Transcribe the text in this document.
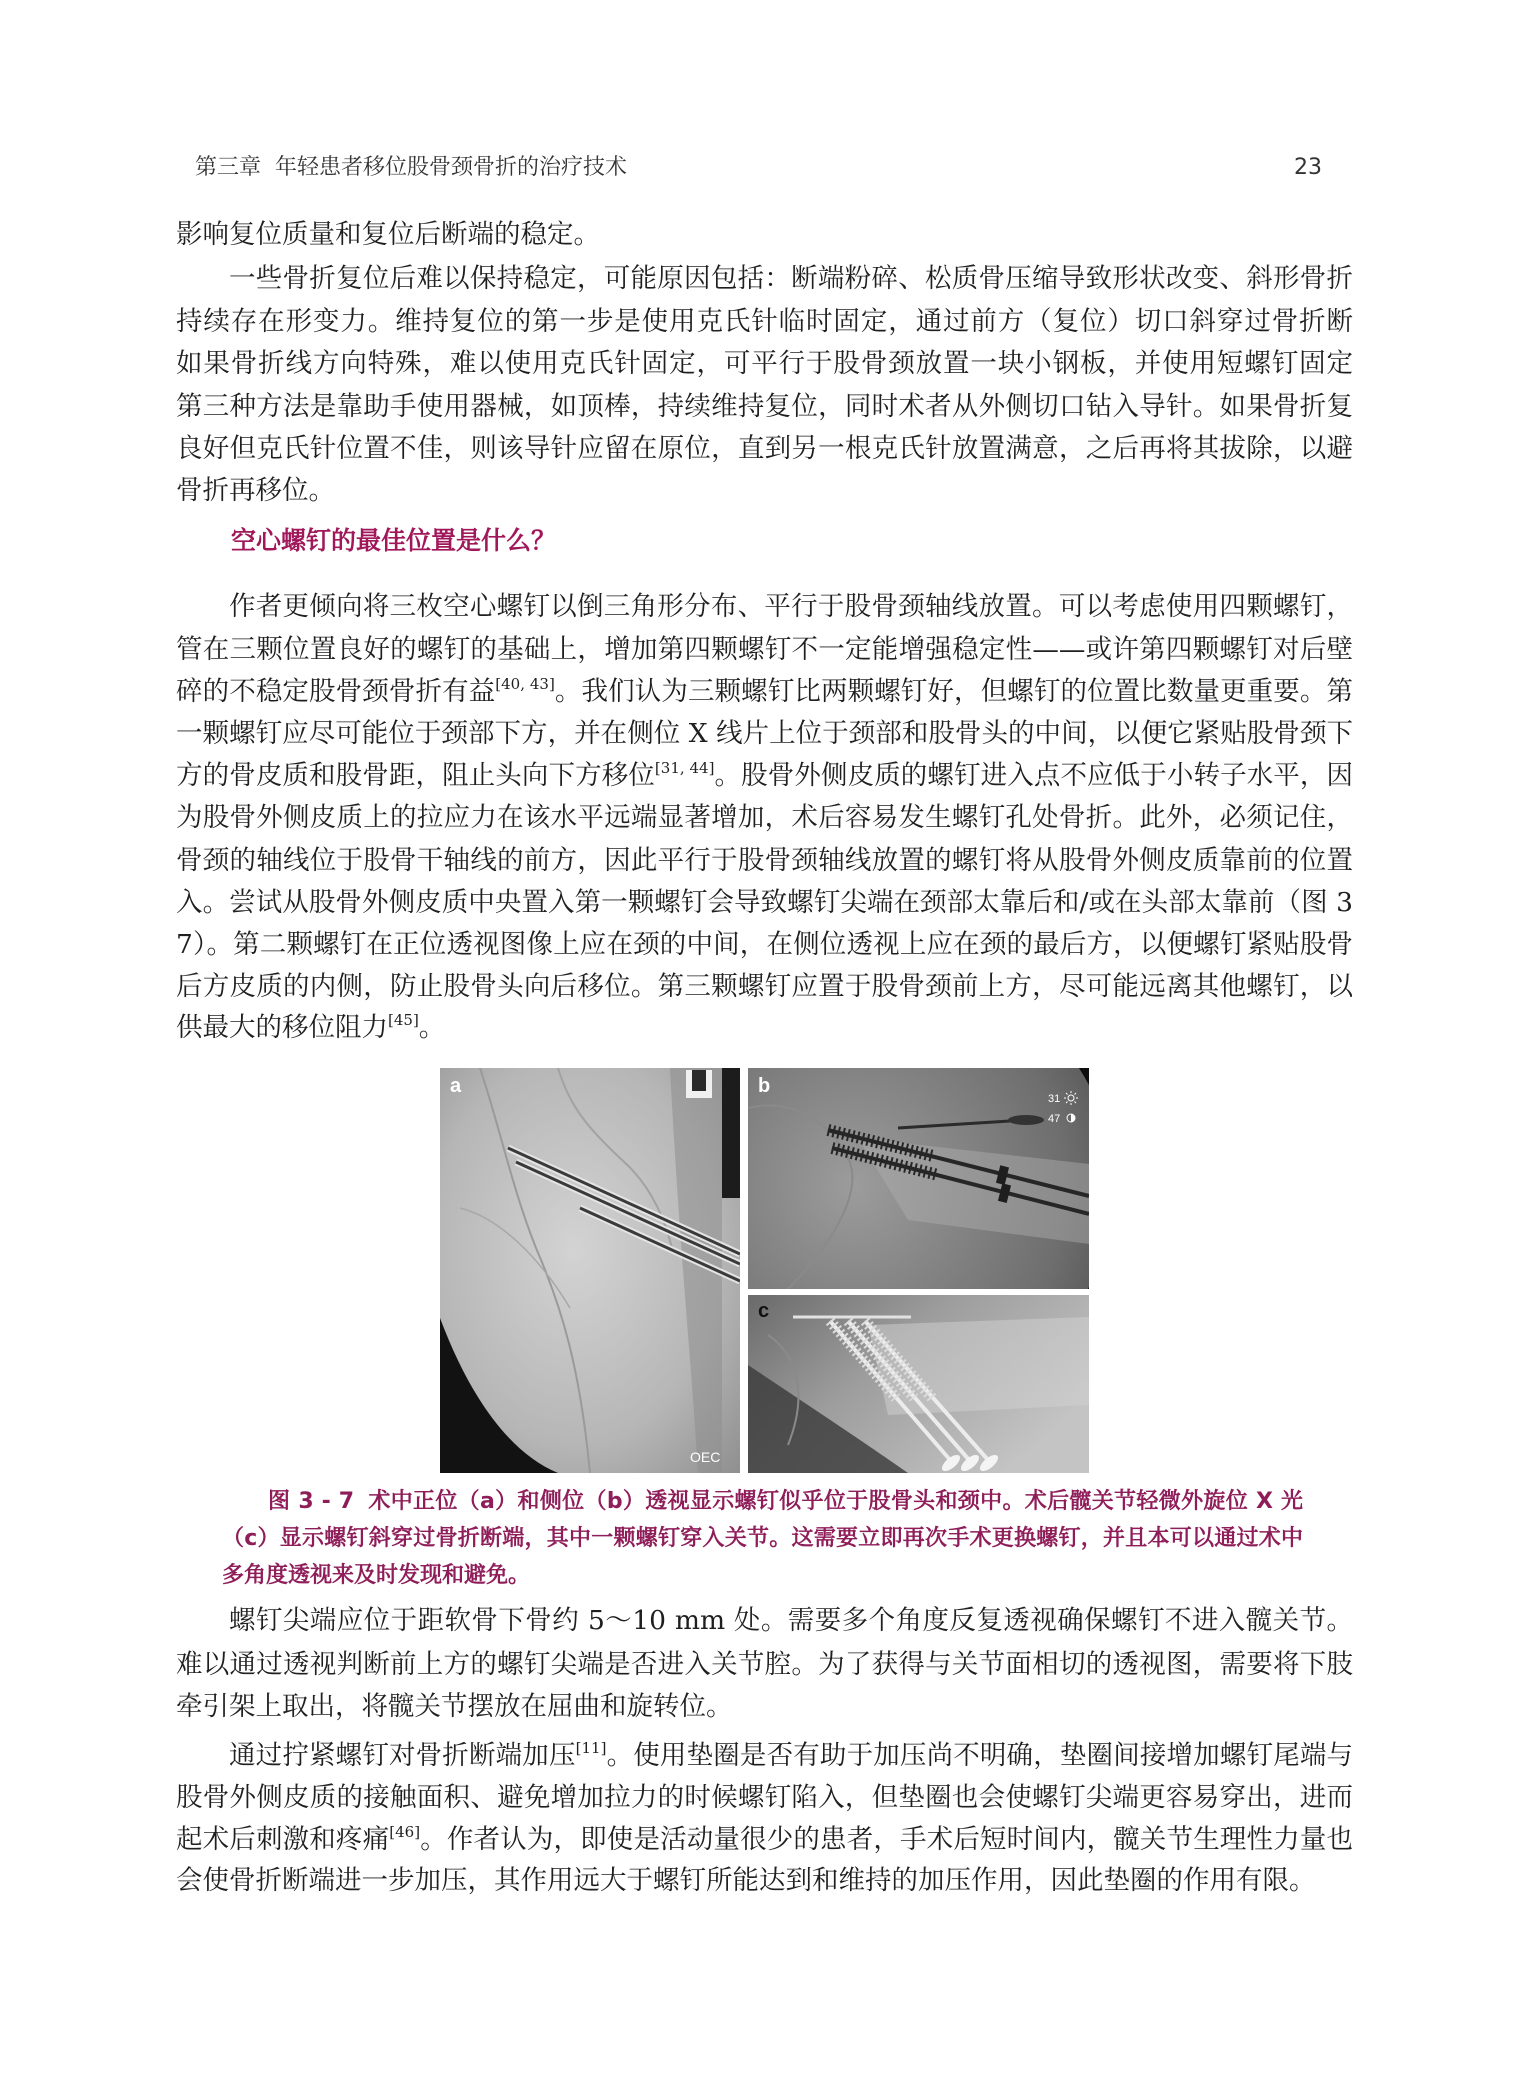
第三章 年轻患者移位股骨颈骨折的治疗技术	23
影响复位质量和复位后断端的稳定。
一些骨折复位后难以保持稳定，可能原因包括：断端粉碎、松质骨压缩导致形状改变、斜形骨折
持续存在形变力。维持复位的第一步是使用克氏针临时固定，通过前方（复位）切口斜穿过骨折断
如果骨折线方向特殊，难以使用克氏针固定，可平行于股骨颈放置一块小钢板，并使用短螺钉固定
第三种方法是靠助手使用器械，如顶棒，持续维持复位，同时术者从外侧切口钻入导针。如果骨折复
良好但克氏针位置不佳，则该导针应留在原位，直到另一根克氏针放置满意，之后再将其拔除，以避
骨折再移位。
空心螺钉的最佳位置是什么？
作者更倾向将三枚空心螺钉以倒三角形分布、平行于股骨颈轴线放置。可以考虑使用四颗螺钉，
管在三颗位置良好的螺钉的基础上，增加第四颗螺钉不一定能增强稳定性——或许第四颗螺钉对后壁
碎的不稳定股骨颈骨折有益[40, 43]。我们认为三颗螺钉比两颗螺钉好，但螺钉的位置比数量更重要。第
一颗螺钉应尽可能位于颈部下方，并在侧位 X 线片上位于颈部和股骨头的中间，以便它紧贴股骨颈下
方的骨皮质和股骨距，阻止头向下方移位[31, 44]。股骨外侧皮质的螺钉进入点不应低于小转子水平，因
为股骨外侧皮质上的拉应力在该水平远端显著增加，术后容易发生螺钉孔处骨折。此外，必须记住，
骨颈的轴线位于股骨干轴线的前方，因此平行于股骨颈轴线放置的螺钉将从股骨外侧皮质靠前的位置
入。尝试从股骨外侧皮质中央置入第一颗螺钉会导致螺钉尖端在颈部太靠后和/或在头部太靠前（图 3
7）。第二颗螺钉在正位透视图像上应在颈的中间，在侧位透视上应在颈的最后方，以便螺钉紧贴股骨
后方皮质的内侧，防止股骨头向后移位。第三颗螺钉应置于股骨颈前上方，尽可能远离其他螺钉，以
供最大的移位阻力[45]。
a
OEC
b
31
47
c
图 3 - 7 术中正位（a）和侧位（b）透视显示螺钉似乎位于股骨头和颈中。术后髋关节轻微外旋位 X 光
（c）显示螺钉斜穿过骨折断端，其中一颗螺钉穿入关节。这需要立即再次手术更换螺钉，并且本可以通过术中
多角度透视来及时发现和避免。
螺钉尖端应位于距软骨下骨约 5～10 mm 处。需要多个角度反复透视确保螺钉不进入髋关节。
难以通过透视判断前上方的螺钉尖端是否进入关节腔。为了获得与关节面相切的透视图，需要将下肢
牵引架上取出，将髋关节摆放在屈曲和旋转位。
通过拧紧螺钉对骨折断端加压[11]。使用垫圈是否有助于加压尚不明确，垫圈间接增加螺钉尾端与
股骨外侧皮质的接触面积、避免增加拉力的时候螺钉陷入，但垫圈也会使螺钉尖端更容易穿出，进而
起术后刺激和疼痛[46]。作者认为，即使是活动量很少的患者，手术后短时间内，髋关节生理性力量也
会使骨折断端进一步加压，其作用远大于螺钉所能达到和维持的加压作用，因此垫圈的作用有限。
